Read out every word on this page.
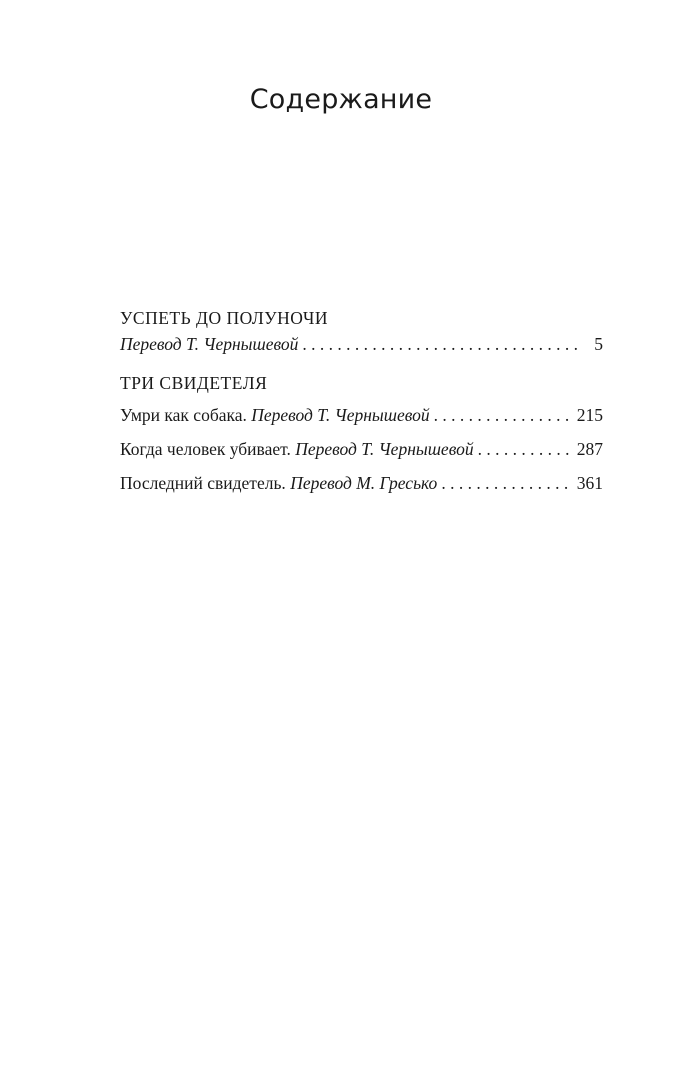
Содержание
УСПЕТЬ ДО ПОЛУНОЧИ
Перевод Т. Чернышевой . . .	5
ТРИ СВИДЕТЕЛЯ
Умри как собака. Перевод Т. Чернышевой . . .	215
Когда человек убивает. Перевод Т. Чернышевой . . .	287
Последний свидетель. Перевод М. Гресько . . .	361
